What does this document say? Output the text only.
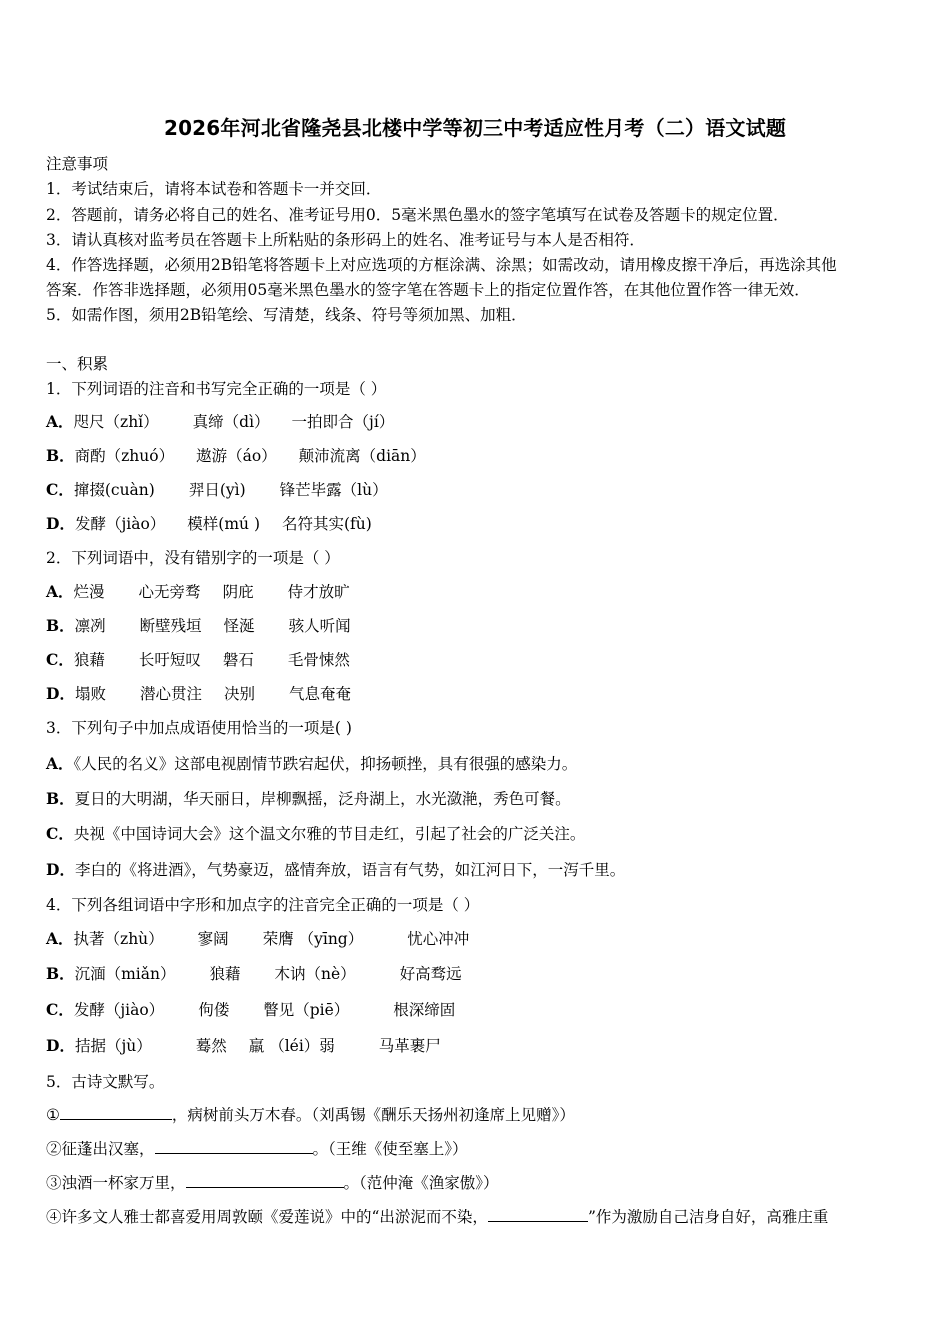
2026年河北省隆尧县北楼中学等初三中考适应性月考（二）语文试题
注意事项
1．考试结束后，请将本试卷和答题卡一并交回．
2．答题前，请务必将自己的姓名、准考证号用0．5毫米黑色墨水的签字笔填写在试卷及答题卡的规定位置．
3．请认真核对监考员在答题卡上所粘贴的条形码上的姓名、准考证号与本人是否相符．
4．作答选择题，必须用2B铅笔将答题卡上对应选项的方框涂满、涂黑；如需改动，请用橡皮擦干净后，再选涂其他
答案．作答非选择题，必须用05毫米黑色墨水的签字笔在答题卡上的指定位置作答，在其他位置作答一律无效．
5．如需作图，须用2B铅笔绘、写清楚，线条、符号等须加黑、加粗．
一、积累
1．下列词语的注音和书写完全正确的一项是（ ）
A．咫尺（zhǐ） 真缔（dì） 一拍即合（jí）
B．商酌（zhuó） 遨游（áo） 颠沛流离（diān）
C．撺掇(cuàn) 羿日(yì) 锋芒毕露（lù）
D．发酵（jiào） 模样(mú ) 名符其实(fù)
2．下列词语中，没有错别字的一项是（ ）
A．烂漫 心无旁骛 阴庇 侍才放旷
B．凛冽 断壁残垣 怪涎 骇人听闻
C．狼藉 长吁短叹 磐石 毛骨悚然
D．塌败 潜心贯注 决别 气息奄奄
3．下列句子中加点成语使用恰当的一项是( )
A．《人民的名义》这部电视剧情节跌宕起伏，抑扬顿挫，具有很强的感染力。
B．夏日的大明湖，华天丽日，岸柳飘摇，泛舟湖上，水光潋滟，秀色可餐。
C．央视《中国诗词大会》这个温文尔雅的节目走红，引起了社会的广泛关注。
D．李白的《将进酒》，气势豪迈，盛情奔放，语言有气势，如江河日下，一泻千里。
4．下列各组词语中字形和加点字的注音完全正确的一项是（ ）
A．执著（zhù） 寥阔 荣膺 （yīng）	忧心冲冲
B．沉湎（miǎn） 狼藉 木讷（nè）	好高骛远
C．发酵（jiào） 佝偻 瞥见（piē）	根深缔固
D．拮据（jù）	蓦然 羸 （léi）弱	马革裹尸
5．古诗文默写。
①	，病树前头万木春。（刘禹锡《酬乐天扬州初逢席上见赠》）
②征蓬出汉塞，	。（王维《使至塞上》）
③浊酒一杯家万里，	。（范仲淹《渔家傲》）
④许多文人雅士都喜爱用周敦颐《爱莲说》中的“出淤泥而不染，	”作为激励自己洁身自好，高雅庄重
